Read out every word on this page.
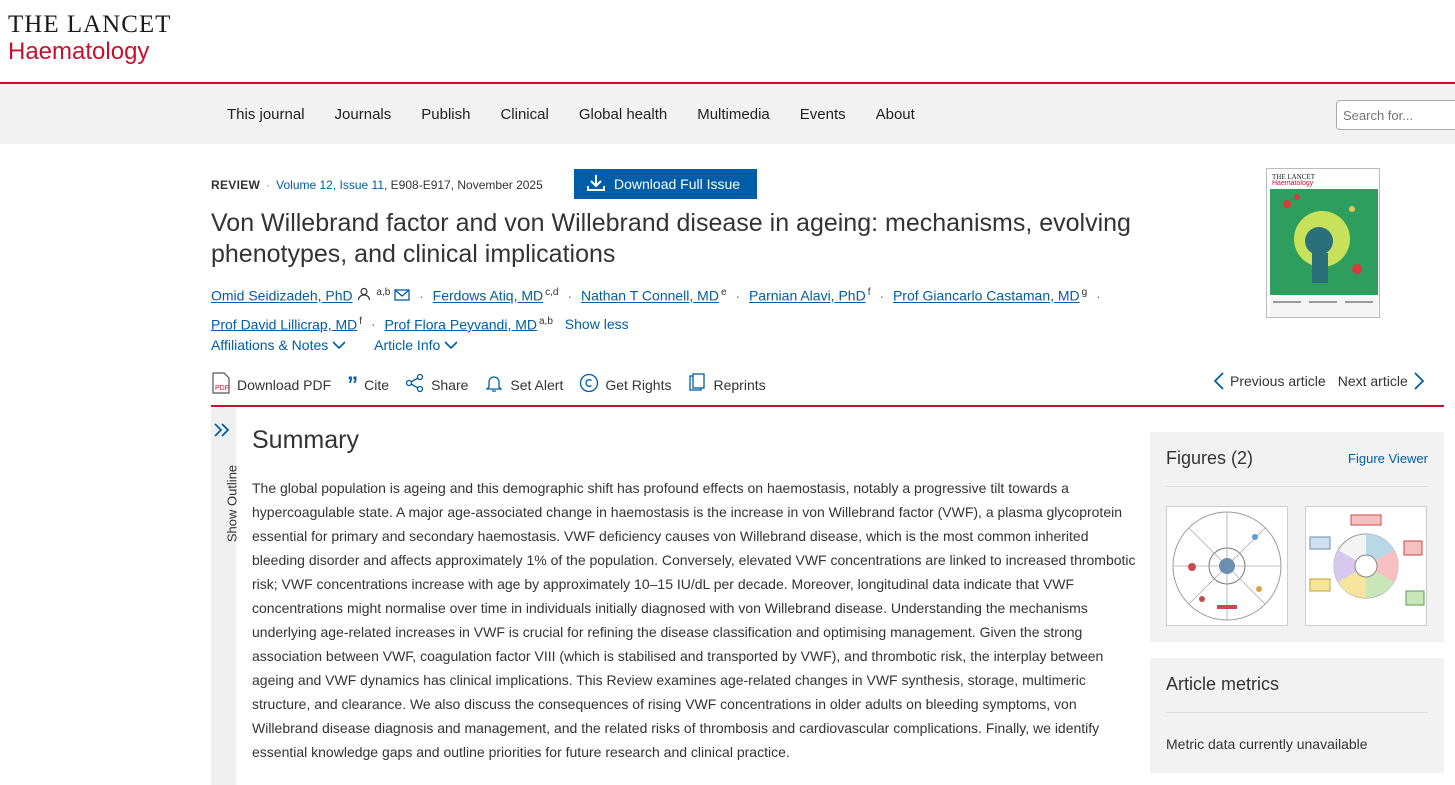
THE LANCET
Haematology
This journal Journals Publish Clinical Global health Multimedia Events About
Search for...
REVIEW · Volume 12, Issue 11 , E908-E917, November 2025	Download Full Issue
Von Willebrand factor and von Willebrand disease in ageing: mechanisms, evolving phenotypes, and clinical implications
Omid Seidizadeh, PhD $^{a,b}$ · Ferdows Atiq, MD $^{c,d}$ · Nathan T Connell, MD $^e$ · Parnian Alavi, PhD $^f$ · Prof Giancarlo Castaman, MD $^g$ ·
Prof David Lillicrap, MD $^f$ · Prof Flora Peyvandi, MD $^{a,b}$ Show less
Affiliations & Notes	Article Info
PDF Download PDF ” Cite	Share	Set Alert	Get Rights	Reprints	Previous article Next article
THE LANCET
Haematology
Show Outline
Summary

The global population is ageing and this demographic shift has profound effects on haemostasis, notably a progressive tilt towards a hypercoagulable state. A major age-associated change in haemostasis is the increase in von Willebrand factor (VWF), a plasma glycoprotein essential for primary and secondary haemostasis. VWF deficiency causes von Willebrand disease, which is the most common inherited bleeding disorder and affects approximately 1% of the population. Conversely, elevated VWF concentrations are linked to increased thrombotic risk; VWF concentrations increase with age by approximately 10–15 IU/dL per decade. Moreover, longitudinal data indicate that VWF concentrations might normalise over time in individuals initially diagnosed with von Willebrand disease. Understanding the mechanisms underlying age-related increases in VWF is crucial for refining the disease classification and optimising management. Given the strong association between VWF, coagulation factor VIII (which is stabilised and transported by VWF), and thrombotic risk, the interplay between ageing and VWF dynamics has clinical implications. This Review examines age-related changes in VWF synthesis, storage, multimeric structure, and clearance. We also discuss the consequences of rising VWF concentrations in older adults on bleeding symptoms, von Willebrand disease diagnosis and management, and the related risks of thrombosis and cardiovascular complications. Finally, we identify essential knowledge gaps and outline priorities for future research and clinical practice.

Figures (2)	Figure Viewer
Article metrics

Metric data currently unavailable
